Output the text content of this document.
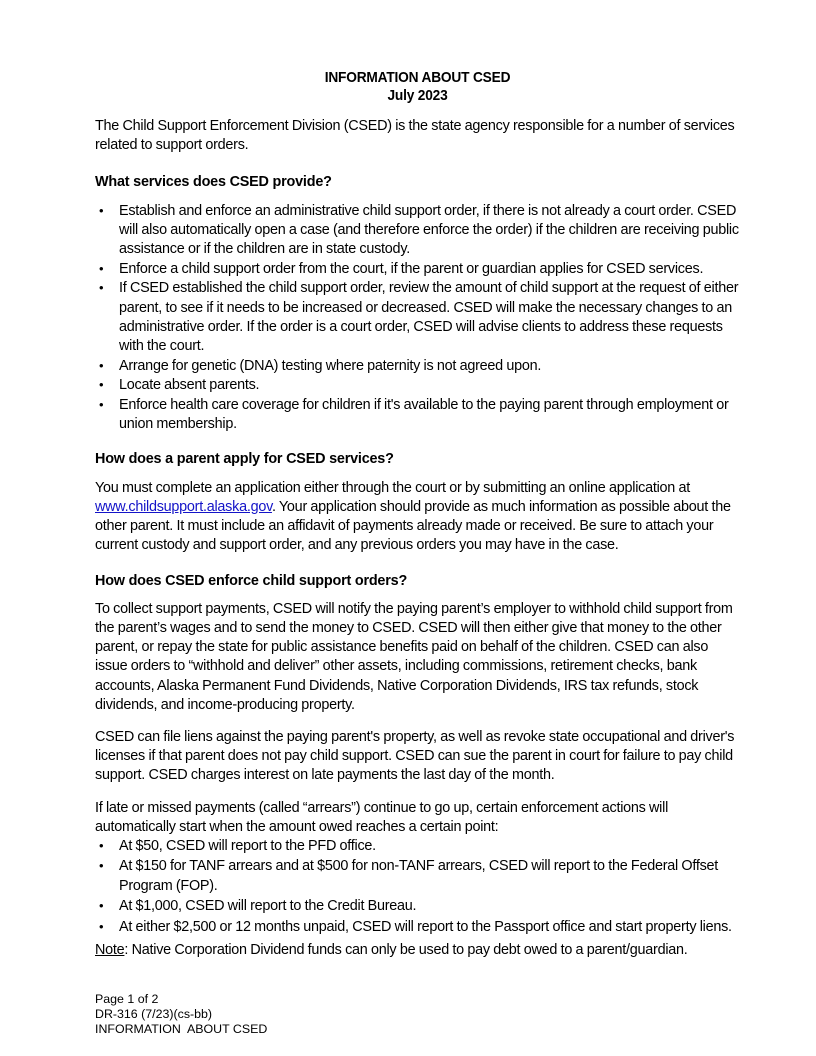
INFORMATION ABOUT CSED
July 2023

The Child Support Enforcement Division (CSED) is the state agency responsible for a number of services related to support orders.

What services does CSED provide?
• Establish and enforce an administrative child support order, if there is not already a court order. CSED will also automatically open a case (and therefore enforce the order) if the children are receiving public assistance or if the children are in state custody.
• Enforce a child support order from the court, if the parent or guardian applies for CSED services.
• If CSED established the child support order, review the amount of child support at the request of either parent, to see if it needs to be increased or decreased. CSED will make the necessary changes to an administrative order. If the order is a court order, CSED will advise clients to address these requests with the court.
• Arrange for genetic (DNA) testing where paternity is not agreed upon.
• Locate absent parents.
• Enforce health care coverage for children if it's available to the paying parent through employment or union membership.
How does a parent apply for CSED services?

You must complete an application either through the court or by submitting an online application at www.childsupport.alaska.gov. Your application should provide as much information as possible about the other parent. It must include an affidavit of payments already made or received. Be sure to attach your current custody and support order, and any previous orders you may have in the case.

How does CSED enforce child support orders?

To collect support payments, CSED will notify the paying parent’s employer to withhold child support from the parent’s wages and to send the money to CSED. CSED will then either give that money to the other parent, or repay the state for public assistance benefits paid on behalf of the children. CSED can also issue orders to “withhold and deliver” other assets, including commissions, retirement checks, bank accounts, Alaska Permanent Fund Dividends, Native Corporation Dividends, IRS tax refunds, stock dividends, and income-producing property.

CSED can file liens against the paying parent's property, as well as revoke state occupational and driver's licenses if that parent does not pay child support. CSED can sue the parent in court for failure to pay child support. CSED charges interest on late payments the last day of the month.

If late or missed payments (called “arrears”) continue to go up, certain enforcement actions will automatically start when the amount owed reaches a certain point:

• At $50, CSED will report to the PFD office.
• At $150 for TANF arrears and at $500 for non-TANF arrears, CSED will report to the Federal Offset Program (FOP).
• At $1,000, CSED will report to the Credit Bureau.
• At either $2,500 or 12 months unpaid, CSED will report to the Passport office and start property liens.

Note: Native Corporation Dividend funds can only be used to pay debt owed to a parent/guardian.

Page 1 of 2
DR-316 (7/23)(cs-bb)
INFORMATION  ABOUT CSED
